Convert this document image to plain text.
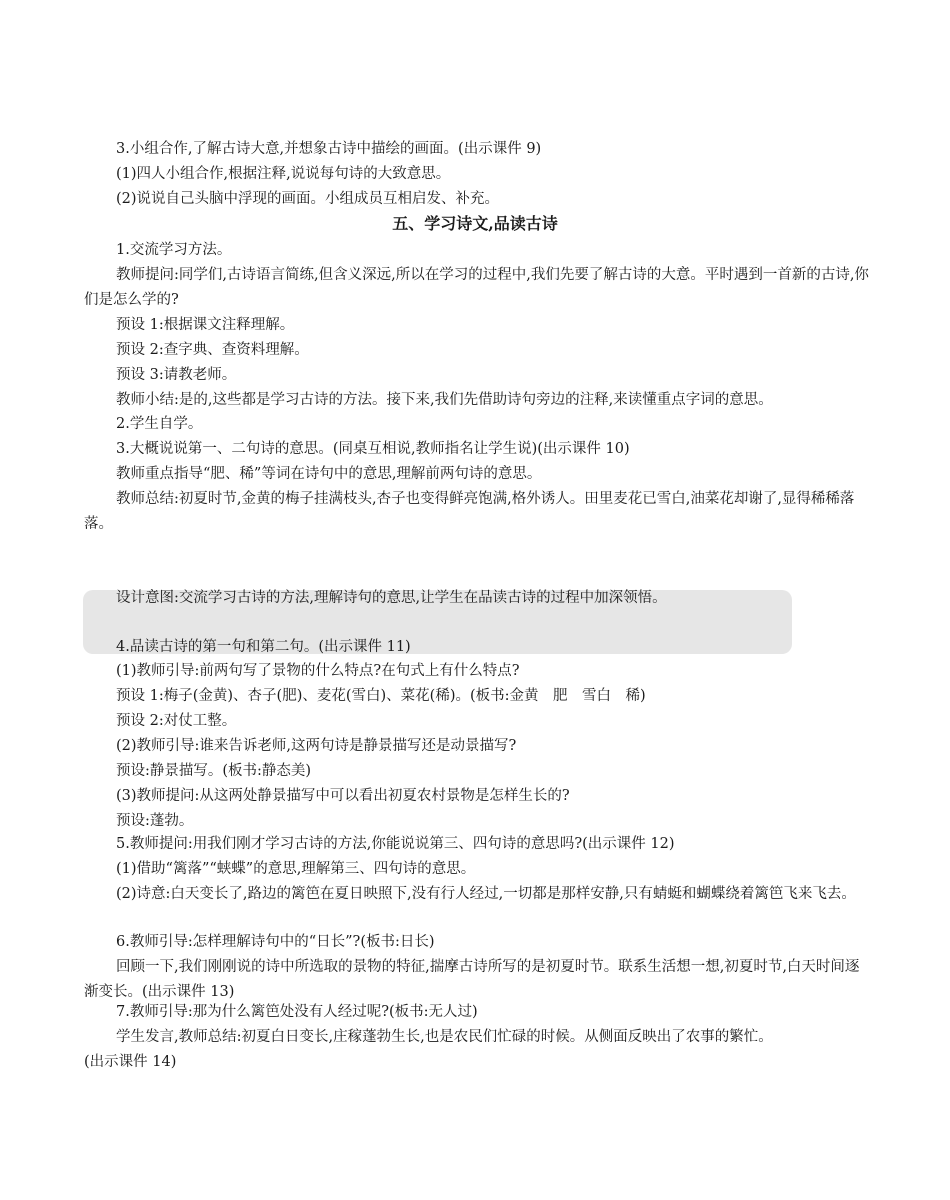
3.小组合作,了解古诗大意,并想象古诗中描绘的画面。(出示课件 9)

(1)四人小组合作,根据注释,说说每句诗的大致意思。

(2)说说自己头脑中浮现的画面。小组成员互相启发、补充。

五、学习诗文,品读古诗

1.交流学习方法。

教师提问:同学们,古诗语言简练,但含义深远,所以在学习的过程中,我们先要了解古诗的大意。平时遇到一首新的古诗,你们是怎么学的?

预设 1:根据课文注释理解。

预设 2:查字典、查资料理解。

预设 3:请教老师。

教师小结:是的,这些都是学习古诗的方法。接下来,我们先借助诗句旁边的注释,来读懂重点字词的意思。

2.学生自学。

3.大概说说第一、二句诗的意思。(同桌互相说,教师指名让学生说)(出示课件 10)

教师重点指导“肥、稀”等词在诗句中的意思,理解前两句诗的意思。

教师总结:初夏时节,金黄的梅子挂满枝头,杏子也变得鲜亮饱满,格外诱人。田里麦花已雪白,油菜花却谢了,显得稀稀落落。

设计意图:交流学习古诗的方法,理解诗句的意思,让学生在品读古诗的过程中加深领悟。

4.品读古诗的第一句和第二句。(出示课件 11)

(1)教师引导:前两句写了景物的什么特点?在句式上有什么特点?

预设 1:梅子(金黄)、杏子(肥)、麦花(雪白)、菜花(稀)。(板书:金黄　肥　雪白　稀)

预设 2:对仗工整。

(2)教师引导:谁来告诉老师,这两句诗是静景描写还是动景描写?

预设:静景描写。(板书:静态美)

(3)教师提问:从这两处静景描写中可以看出初夏农村景物是怎样生长的?

预设:蓬勃。

5.教师提问:用我们刚才学习古诗的方法,你能说说第三、四句诗的意思吗?(出示课件 12)

(1)借助“篱落”“蛱蝶”的意思,理解第三、四句诗的意思。

(2)诗意:白天变长了,路边的篱笆在夏日映照下,没有行人经过,一切都是那样安静,只有蜻蜓和蝴蝶绕着篱笆飞来飞去。

6.教师引导:怎样理解诗句中的“日长”?(板书:日长)

回顾一下,我们刚刚说的诗中所选取的景物的特征,揣摩古诗所写的是初夏时节。联系生活想一想,初夏时节,白天时间逐渐变长。(出示课件 13)

7.教师引导:那为什么篱笆处没有人经过呢?(板书:无人过)

学生发言,教师总结:初夏白日变长,庄稼蓬勃生长,也是农民们忙碌的时候。从侧面反映出了农事的繁忙。

(出示课件 14)
